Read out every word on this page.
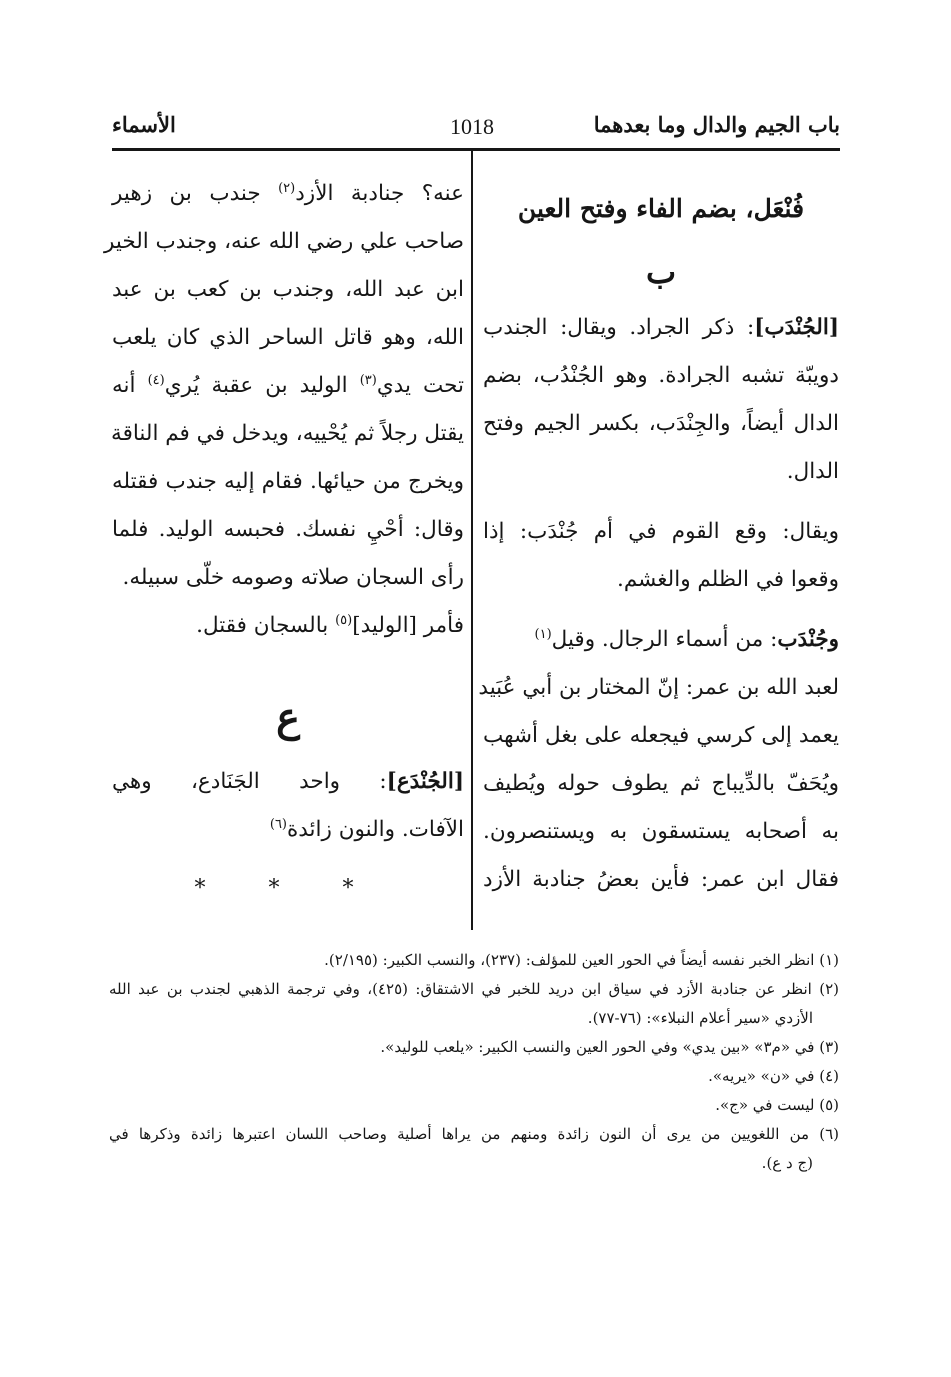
باب الجيم والدال وما بعدهما
1018
الأسماء
فُنْعَل، بضم الفاء وفتح العين
ب
[الجُنْدَب]: ذكر الجراد. ويقال: الجندب
دويبّة تشبه الجرادة. وهو الجُنْدُب، بضم
الدال أيضاً، والجِنْدَب، بكسر الجيم وفتح
الدال.
ويقال: وقع القوم في أم جُنْدَب: إذا
وقعوا في الظلم والغشم.
وجُنْدَب: من أسماء الرجال. وقيل$^{(١)}$
لعبد الله بن عمر: إنّ المختار بن أبي عُبَيد
يعمد إلى كرسي فيجعله على بغل أشهب
ويُحَفّ بالدِّيباج ثم يطوف حوله ويُطيف
به أصحابه يستسقون به ويستنصرون.
فقال ابن عمر: فأين بعضُ جنادبة الأزد
عنه؟ جنادبة الأزد$^{(٢)}$ جندب بن زهير
صاحب علي رضي الله عنه، وجندب الخير
ابن عبد الله، وجندب بن كعب بن عبد
الله، وهو قاتل الساحر الذي كان يلعب
تحت يدي$^{(٣)}$ الوليد بن عقبة يُري$^{(٤)}$ أنه
يقتل رجلاً ثم يُحْييه، ويدخل في فم الناقة
ويخرج من حيائها. فقام إليه جندب فقتله
وقال: أحْيِ نفسك. فحبسه الوليد. فلما
رأى السجان صلاته وصومه خلّى سبيله.
فأمر [الوليد]$^{(٥)}$ بالسجان فقتل.
ع
[الجُنْدَع]: واحد الجَنَادع، وهي
الآفات. والنون زائدة$^{(٦)}$
* * *
(١) انظر الخبر نفسه أيضاً في الحور العين للمؤلف: (٢٣٧)، والنسب الكبير: (٢/١٩٥).
(٢) انظر عن جنادبة الأزد في سياق ابن دريد للخبر في الاشتقاق: (٤٢٥)، وفي ترجمة الذهبي لجندب بن عبد الله
الأزدي «سير أعلام النبلاء»: (٧٦-٧٧).
(٣) في «م٣» «بين يدي» وفي الحور العين والنسب الكبير: «يلعب للوليد».
(٤) في «ن» «يريه».
(٥) ليست في «ج».
(٦) من اللغويين من يرى أن النون زائدة ومنهم من يراها أصلية وصاحب اللسان اعتبرها زائدة وذكرها في
(ج د ع).
